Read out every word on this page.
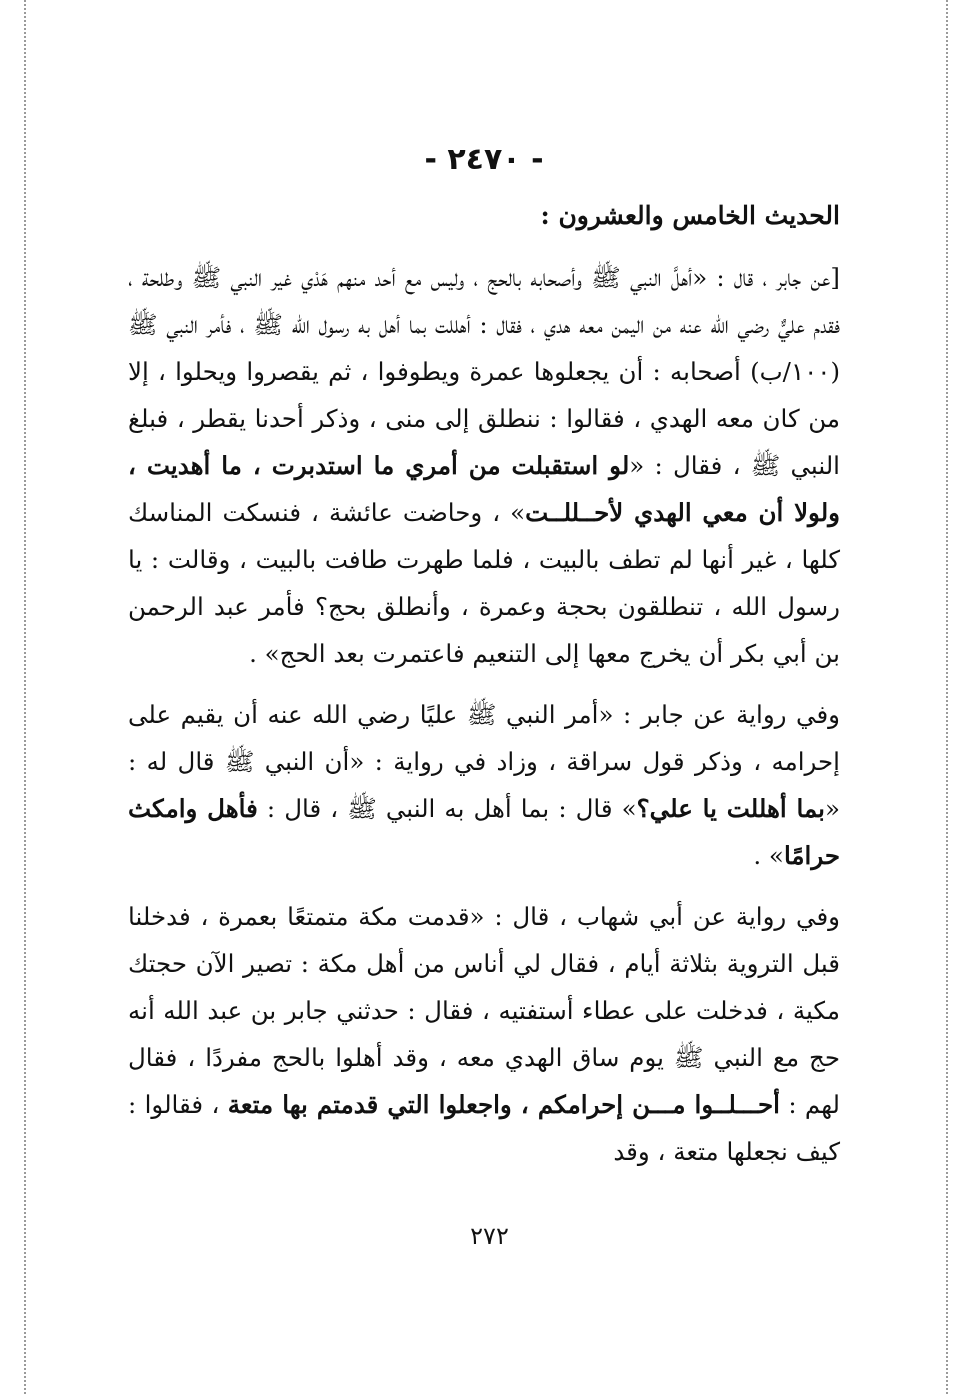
- ٢٤٧٠ -
الحديث الخامس والعشرون :

[عن جابر ، قال : «أهلَّ النبي ﷺ وأصحابه بالحج ، وليس مع أحد منهم هَدْي غير النبي ﷺ وطلحة ، فقدم عليٌّ رضي الله عنه من اليمن معه هدي ، فقال : أهللت بما أهل به رسول الله ﷺ ، فأمر النبي ﷺ (١٠٠/ب) أصحابه : أن يجعلوها عمرة ويطوفوا ، ثم يقصروا ويحلوا ، إلا من كان معه الهدي ، فقالوا : ننطلق إلى منى ، وذكر أحدنا يقطر ، فبلغ النبي ﷺ ، فقال : «لو استقبلت من أمري ما استدبرت ، ما أهديت ، ولولا أن معي الهدي لأحــللــت» ، وحاضت عائشة ، فنسكت المناسك كلها ، غير أنها لم تطف بالبيت ، فلما طهرت طافت بالبيت ، وقالت : يا رسول الله ، تنطلقون بحجة وعمرة ، وأنطلق بحج؟ فأمر عبد الرحمن بن أبي بكر أن يخرج معها إلى التنعيم فاعتمرت بعد الحج» .

وفي رواية عن جابر : «أمر النبي ﷺ عليًا رضي الله عنه أن يقيم على إحرامه ، وذكر قول سراقة ، وزاد في رواية : «أن النبي ﷺ قال له : «بما أهللت يا علي؟» قال : بما أهل به النبي ﷺ ، قال : فأهل وامكث حرامًا» .

وفي رواية عن أبي شهاب ، قال : «قدمت مكة متمتعًا بعمرة ، فدخلنا قبل التروية بثلاثة أيام ، فقال لي أناس من أهل مكة : تصير الآن حجتك مكية ، فدخلت على عطاء أستفتيه ، فقال : حدثني جابر بن عبد الله أنه حج مع النبي ﷺ يوم ساق الهدي معه ، وقد أهلوا بالحج مفردًا ، فقال لهم : أحـــلــوا مـــن إحرامكم ، واجعلوا التي قدمتم بها متعة ، فقالوا : كيف نجعلها متعة ، وقد

٢٧٢
